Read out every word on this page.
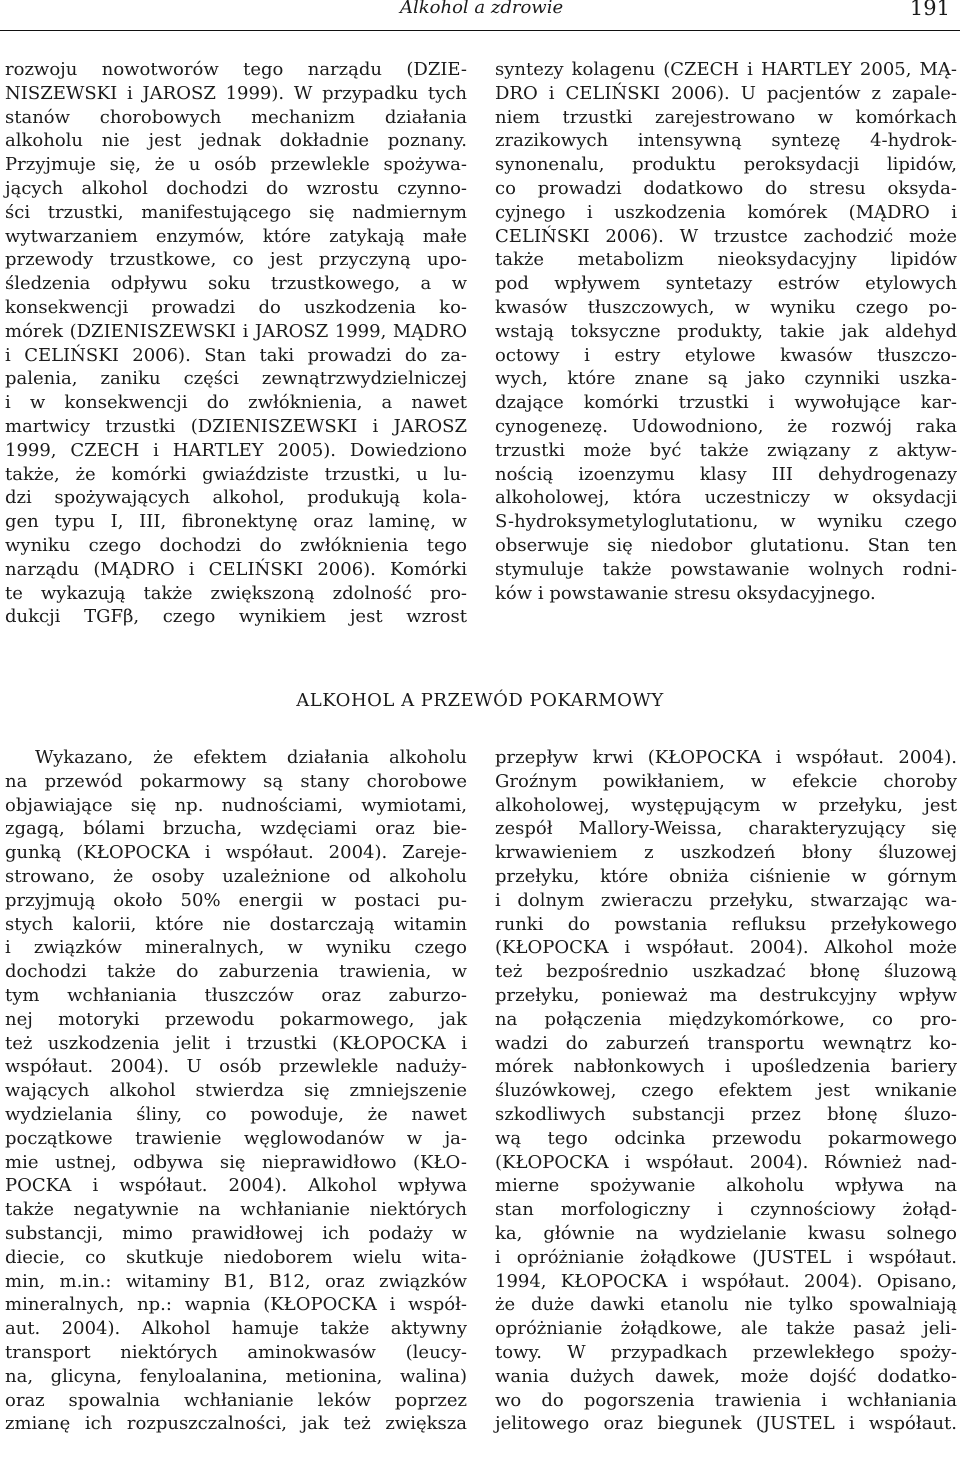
Alkohol a zdrowie	191

rozwoju nowotworów tego narządu (DZIE-

NISZEWSKI i JAROSZ 1999). W przypadku tych

stanów chorobowych mechanizm działania

alkoholu nie jest jednak dokładnie poznany.

Przyjmuje się, że u osób przewlekle spożywa-

jących alkohol dochodzi do wzrostu czynno-

ści trzustki, manifestującego się nadmiernym

wytwarzaniem enzymów, które zatykają małe

przewody trzustkowe, co jest przyczyną upo-

śledzenia odpływu soku trzustkowego, a w

konsekwencji prowadzi do uszkodzenia ko-

mórek (DZIENISZEWSKI i JAROSZ 1999, MĄDRO

i CELIŃSKI 2006). Stan taki prowadzi do za-

palenia, zaniku części zewnątrzwydzielniczej

i w konsekwencji do zwłóknienia, a nawet

martwicy trzustki (DZIENISZEWSKI i JAROSZ

1999, CZECH i HARTLEY 2005). Dowiedziono

także, że komórki gwiaździste trzustki, u lu-

dzi spożywających alkohol, produkują kola-

gen typu I, III, fibronektynę oraz laminę, w

wyniku czego dochodzi do zwłóknienia tego

narządu (MĄDRO i CELIŃSKI 2006). Komórki

te wykazują także zwiększoną zdolność pro-

dukcji TGFβ, czego wynikiem jest wzrost

syntezy kolagenu (CZECH i HARTLEY 2005, MĄ-

DRO i CELIŃSKI 2006). U pacjentów z zapale-

niem trzustki zarejestrowano w komórkach

zrazikowych intensywną syntezę 4-hydrok-

synonenalu, produktu peroksydacji lipidów,

co prowadzi dodatkowo do stresu oksyda-

cyjnego i uszkodzenia komórek (MĄDRO i

CELIŃSKI 2006). W trzustce zachodzić może

także metabolizm nieoksydacyjny lipidów

pod wpływem syntetazy estrów etylowych

kwasów tłuszczowych, w wyniku czego po-

wstają toksyczne produkty, takie jak aldehyd

octowy i estry etylowe kwasów tłuszczo-

wych, które znane są jako czynniki uszka-

dzające komórki trzustki i wywołujące kar-

cynogenezę. Udowodniono, że rozwój raka

trzustki może być także związany z aktyw-

nością izoenzymu klasy III dehydrogenazy

alkoholowej, która uczestniczy w oksydacji

S-hydroksymetyloglutationu, w wyniku czego

obserwuje się niedobor glutationu. Stan ten

stymuluje także powstawanie wolnych rodni-

ków i powstawanie stresu oksydacyjnego.

ALKOHOL A PRZEWÓD POKARMOWY

Wykazano, że efektem działania alkoholu

na przewód pokarmowy są stany chorobowe

objawiające się np. nudnościami, wymiotami,

zgagą, bólami brzucha, wzdęciami oraz bie-

gunką (KŁOPOCKA i współaut. 2004). Zareje-

strowano, że osoby uzależnione od alkoholu

przyjmują około 50% energii w postaci pu-

stych kalorii, które nie dostarczają witamin

i związków mineralnych, w wyniku czego

dochodzi także do zaburzenia trawienia, w

tym wchłaniania tłuszczów oraz zaburzo-

nej motoryki przewodu pokarmowego, jak

też uszkodzenia jelit i trzustki (KŁOPOCKA i

współaut. 2004). U osób przewlekle naduży-

wających alkohol stwierdza się zmniejszenie

wydzielania śliny, co powoduje, że nawet

początkowe trawienie węglowodanów w ja-

mie ustnej, odbywa się nieprawidłowo (KŁO-

POCKA i współaut. 2004). Alkohol wpływa

także negatywnie na wchłanianie niektórych

substancji, mimo prawidłowej ich podaży w

diecie, co skutkuje niedoborem wielu wita-

min, m.in.: witaminy B1, B12, oraz związków

mineralnych, np.: wapnia (KŁOPOCKA i współ-

aut. 2004). Alkohol hamuje także aktywny

transport niektórych aminokwasów (leucy-

na, glicyna, fenyloalanina, metionina, walina)

oraz spowalnia wchłanianie leków poprzez

zmianę ich rozpuszczalności, jak też zwiększa

przepływ krwi (KŁOPOCKA i współaut. 2004).

Groźnym powikłaniem, w efekcie choroby

alkoholowej, występującym w przełyku, jest

zespół Mallory-Weissa, charakteryzujący się

krwawieniem z uszkodzeń błony śluzowej

przełyku, które obniża ciśnienie w górnym

i dolnym zwieraczu przełyku, stwarzając wa-

runki do powstania refluksu przełykowego

(KŁOPOCKA i współaut. 2004). Alkohol może

też bezpośrednio uszkadzać błonę śluzową

przełyku, ponieważ ma destrukcyjny wpływ

na połączenia międzykomórkowe, co pro-

wadzi do zaburzeń transportu wewnątrz ko-

mórek nabłonkowych i upośledzenia bariery

śluzówkowej, czego efektem jest wnikanie

szkodliwych substancji przez błonę śluzo-

wą tego odcinka przewodu pokarmowego

(KŁOPOCKA i współaut. 2004). Również nad-

mierne spożywanie alkoholu wpływa na

stan morfologiczny i czynnościowy żołąd-

ka, głównie na wydzielanie kwasu solnego

i opróżnianie żołądkowe (JUSTEL i współaut.

1994, KŁOPOCKA i współaut. 2004). Opisano,

że duże dawki etanolu nie tylko spowalniają

opróżnianie żołądkowe, ale także pasaż jeli-

towy. W przypadkach przewlekłego spoży-

wania dużych dawek, może dojść dodatko-

wo do pogorszenia trawienia i wchłaniania

jelitowego oraz biegunek (JUSTEL i współaut.
